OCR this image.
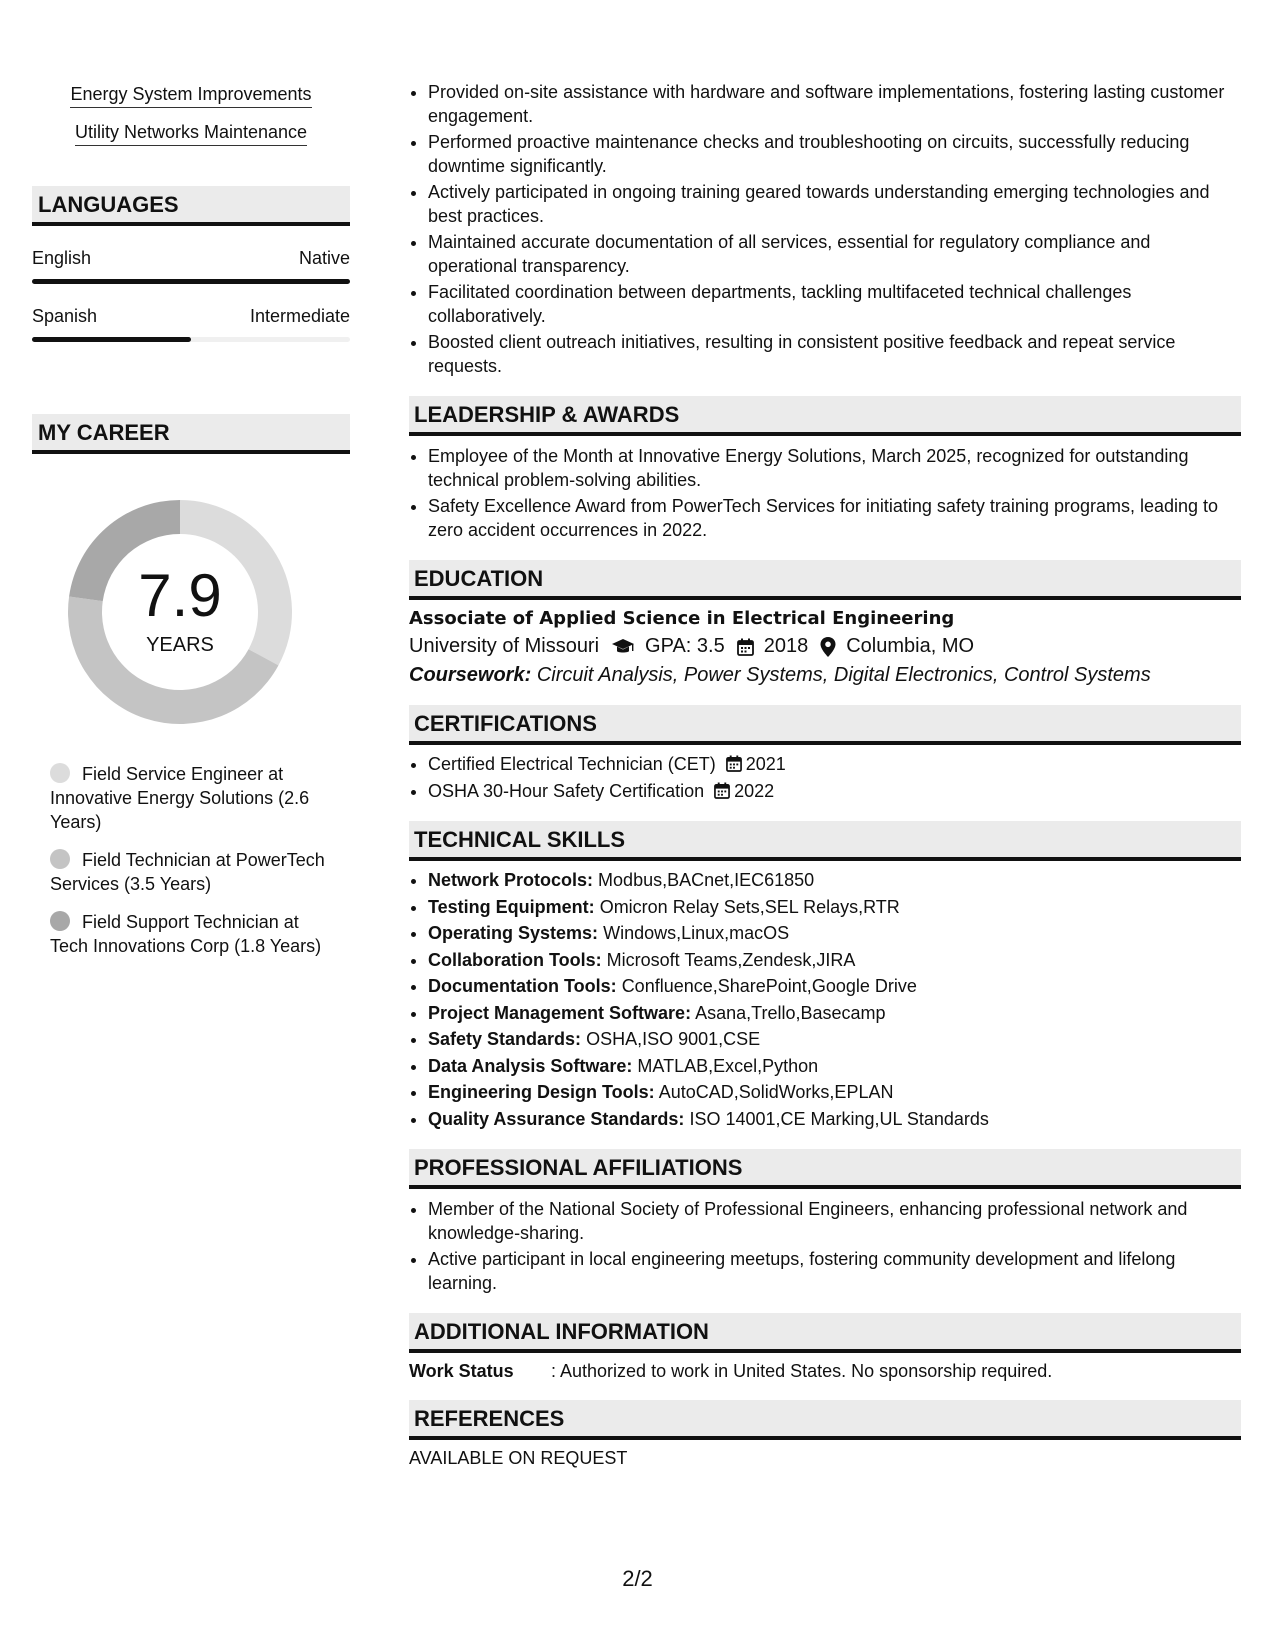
Energy System Improvements
Utility Networks Maintenance
LANGUAGES
English	Native
Spanish	Intermediate
MY CAREER
7.9
YEARS
Field Service Engineer at Innovative Energy Solutions (2.6 Years)
Field Technician at PowerTech Services (3.5 Years)
Field Support Technician at Tech Innovations Corp (1.8 Years)
• Provided on-site assistance with hardware and software implementations, fostering lasting customer engagement.
• Performed proactive maintenance checks and troubleshooting on circuits, successfully reducing downtime significantly.
• Actively participated in ongoing training geared towards understanding emerging technologies and best practices.
• Maintained accurate documentation of all services, essential for regulatory compliance and operational transparency.
• Facilitated coordination between departments, tackling multifaceted technical challenges collaboratively.
• Boosted client outreach initiatives, resulting in consistent positive feedback and repeat service requests.
LEADERSHIP & AWARDS
• Employee of the Month at Innovative Energy Solutions, March 2025, recognized for outstanding technical problem-solving abilities.
• Safety Excellence Award from PowerTech Services for initiating safety training programs, leading to zero accident occurrences in 2022.
EDUCATION
Associate of Applied Science in Electrical Engineering
University of Missouri GPA: 3.5 2018 Columbia, MO
Coursework: Circuit Analysis, Power Systems, Digital Electronics, Control Systems
CERTIFICATIONS
• Certified Electrical Technician (CET) 2021
• OSHA 30-Hour Safety Certification 2022
TECHNICAL SKILLS
• Network Protocols: Modbus,BACnet,IEC61850
• Testing Equipment: Omicron Relay Sets,SEL Relays,RTR
• Operating Systems: Windows,Linux,macOS
• Collaboration Tools: Microsoft Teams,Zendesk,JIRA
• Documentation Tools: Confluence,SharePoint,Google Drive
• Project Management Software: Asana,Trello,Basecamp
• Safety Standards: OSHA,ISO 9001,CSE
• Data Analysis Software: MATLAB,Excel,Python
• Engineering Design Tools: AutoCAD,SolidWorks,EPLAN
• Quality Assurance Standards: ISO 14001,CE Marking,UL Standards
PROFESSIONAL AFFILIATIONS
• Member of the National Society of Professional Engineers, enhancing professional network and knowledge-sharing.
• Active participant in local engineering meetups, fostering community development and lifelong learning.
ADDITIONAL INFORMATION
Work Status	: Authorized to work in United States. No sponsorship required.
REFERENCES
AVAILABLE ON REQUEST
2/2
